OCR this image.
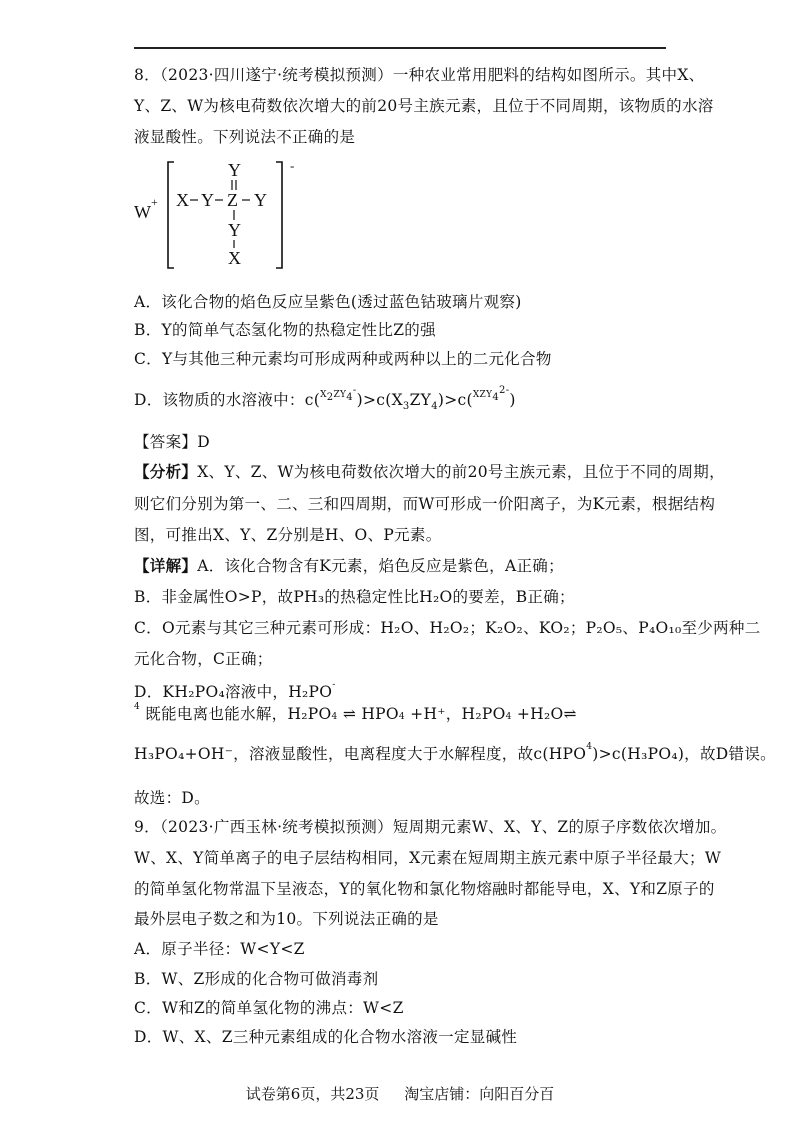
8．（2023·四川遂宁·统考模拟预测）一种农业常用肥料的结构如图所示。其中X、
Y、Z、W为核电荷数依次增大的前20号主族元素，且位于不同周期，该物质的水溶
液显酸性。下列说法不正确的是
W +
-
Y
X Y Z Y
Y
X
A．该化合物的焰色反应呈紫色(透过蓝色钴玻璃片观察)
B．Y的简单气态氢化物的热稳定性比Z的强
C．Y与其他三种元素均可形成两种或两种以上的二元化合物
D．该物质的水溶液中：$c(^{X_2ZY_4^-})>c(X_3ZY_4)>c(^{XZY_4^{2-}})$
【答案】D
【分析】X、Y、Z、W为核电荷数依次增大的前20号主族元素，且位于不同的周期，
则它们分别为第一、二、三和四周期，而W可形成一价阳离子，为K元素，根据结构
图，可推出X、Y、Z分别是H、O、P元素。
【详解】A．该化合物含有K元素，焰色反应是紫色，A正确；
B．非金属性O>P，故PH₃的热稳定性比H₂O的要差，B正确；
C．O元素与其它三种元素可形成：H₂O、H₂O₂；K₂O₂、KO₂；P₂O₅、P₄O₁₀至少两种二
元化合物，C正确；
D．KH₂PO₄溶液中，$H_2PO^{- 4}$ 既能电离也能水解，H₂PO4 ⇌ HPO4 +H⁺，H₂PO4 +H₂O⇌
H₃PO₄+OH⁻，溶液显酸性，电离程度大于水解程度，故$c(HPO^4)>c(H_3PO_4)$，故D错误。
故选：D。
9．（2023·广西玉林·统考模拟预测）短周期元素W、X、Y、Z的原子序数依次增加。
W、X、Y简单离子的电子层结构相同，X元素在短周期主族元素中原子半径最大；W
的简单氢化物常温下呈液态，Y的氧化物和氯化物熔融时都能导电，X、Y和Z原子的
最外层电子数之和为10。下列说法正确的是
A．原子半径：W<Y<Z
B．W、Z形成的化合物可做消毒剂
C．W和Z的简单氢化物的沸点：W<Z
D．W、X、Z三种元素组成的化合物水溶液一定显碱性
试卷第6页，共23页 淘宝店铺：向阳百分百
